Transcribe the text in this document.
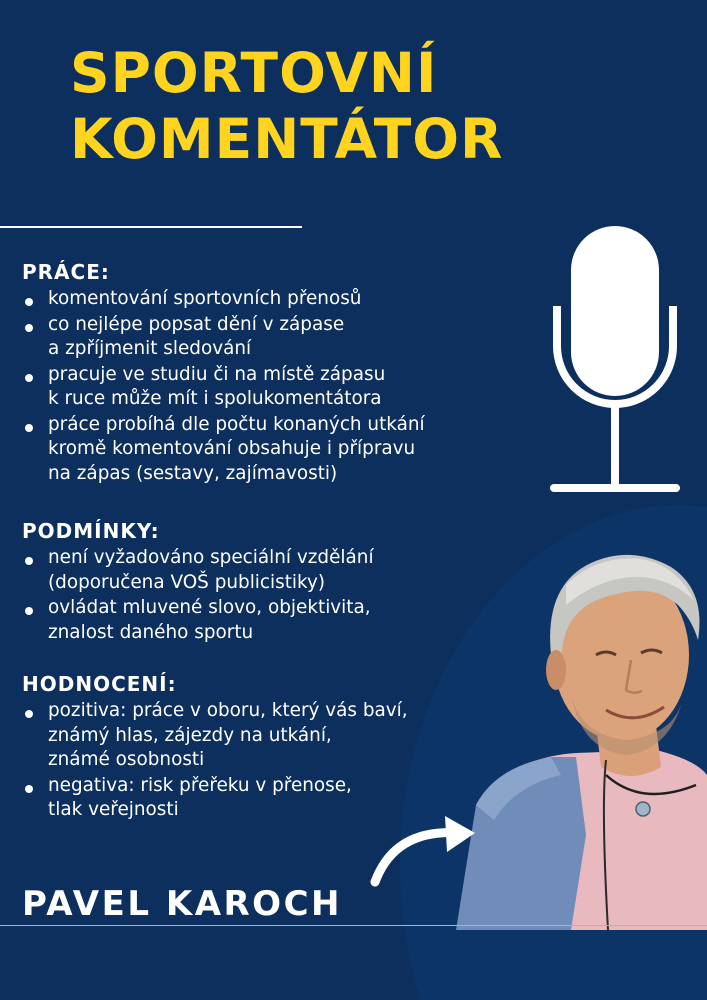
SPORTOVNÍ
KOMENTÁTOR
PRÁCE:
komentování sportovních přenosů
co nejlépe popsat dění v zápase
a zpříjmenit sledování
pracuje ve studiu či na místě zápasu
k ruce může mít i spolukomentátora
práce probíhá dle počtu konaných utkání
kromě komentování obsahuje i přípravu
na zápas (sestavy, zajímavosti)
PODMÍNKY:
není vyžadováno speciální vzdělání
(doporučena VOŠ publicistiky)
ovládat mluvené slovo, objektivita,
znalost daného sportu
HODNOCENÍ:
pozitiva: práce v oboru, který vás baví,
známý hlas, zájezdy na utkání,
známé osobnosti
negativa: risk přeřeku v přenose,
tlak veřejnosti
PAVEL KAROCH
